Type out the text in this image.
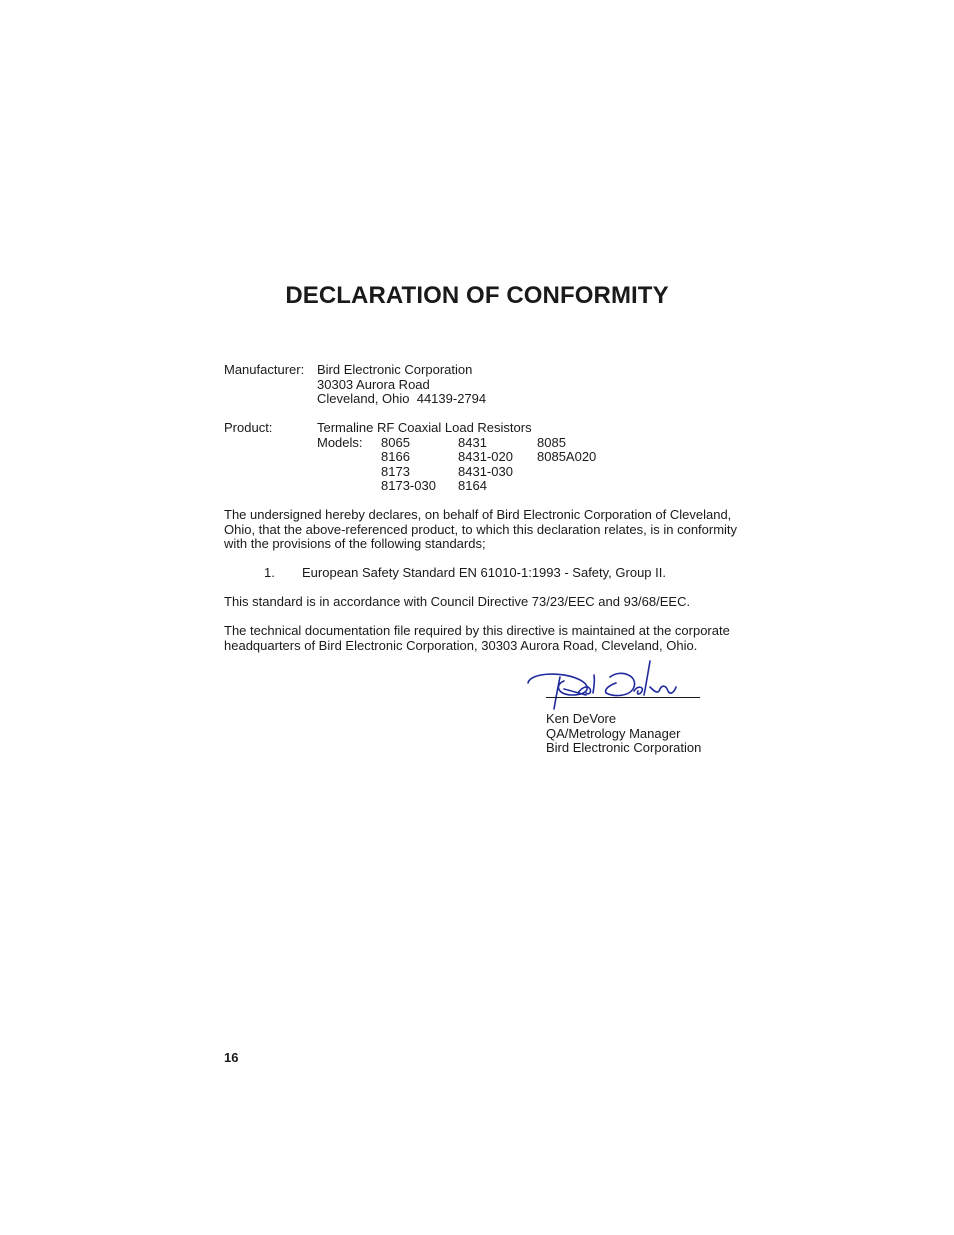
DECLARATION OF CONFORMITY
Manufacturer: Bird Electronic Corporation
30303 Aurora Road
Cleveland, Ohio  44139-2794
Product:	Termaline RF Coaxial Load Resistors
Models: 8065	8431	8085
8166	8431-020 8085A020
8173	8431-030
8173-030 8164
The undersigned hereby declares, on behalf of Bird Electronic Corporation of Cleveland, Ohio, that the above-referenced product, to which this declaration relates, is in conformity with the provisions of the following standards;
1. European Safety Standard EN 61010-1:1993 - Safety, Group II.
This standard is in accordance with Council Directive 73/23/EEC and 93/68/EEC.
The technical documentation file required by this directive is maintained at the corporate headquarters of Bird Electronic Corporation, 30303 Aurora Road, Cleveland, Ohio.
Ken DeVore
QA/Metrology Manager
Bird Electronic Corporation
16
